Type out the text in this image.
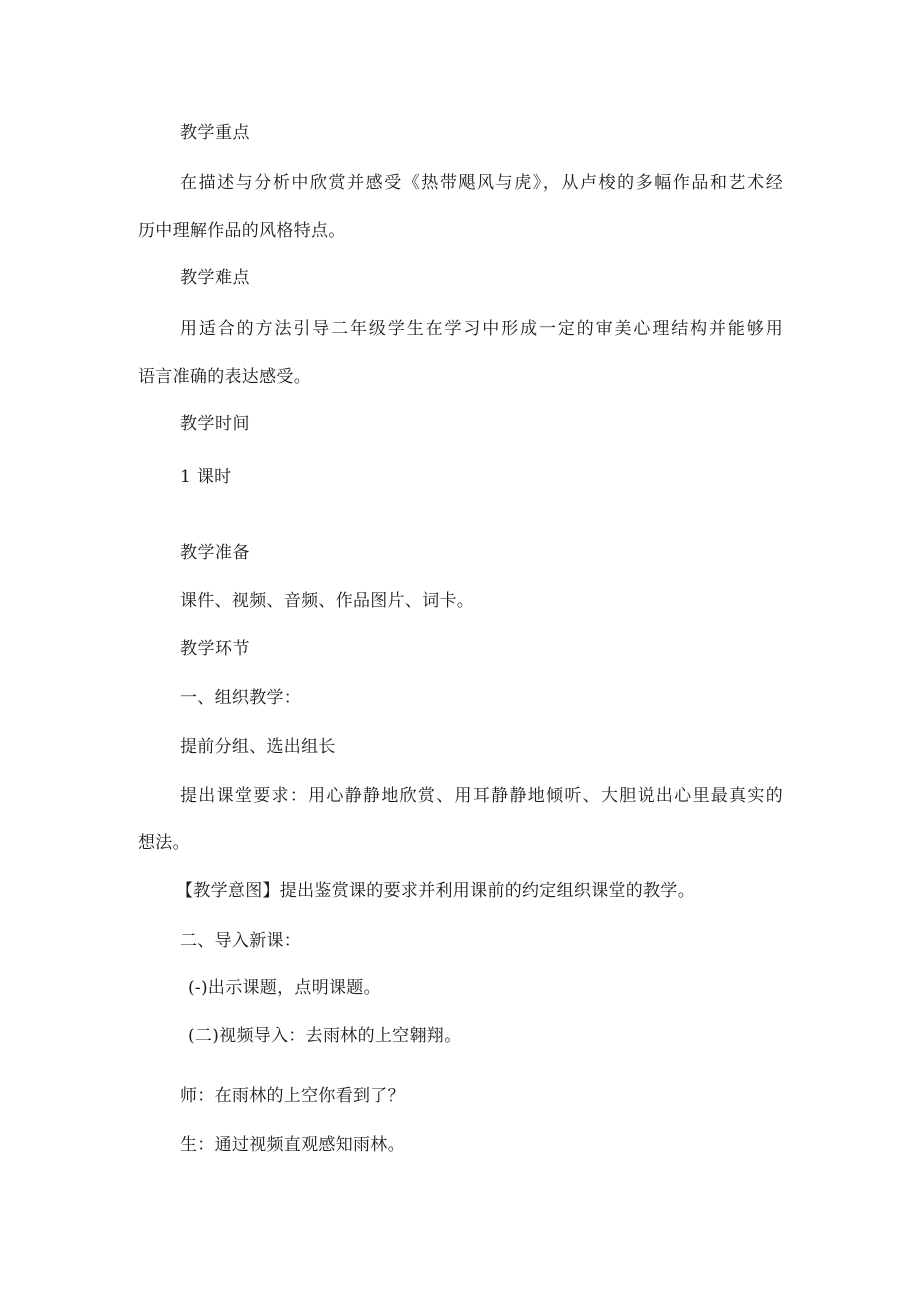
教学重点
在描述与分析中欣赏并感受《热带飓风与虎》，从卢梭的多幅作品和艺术经
历中理解作品的风格特点。
教学难点
用适合的方法引导二年级学生在学习中形成一定的审美心理结构并能够用
语言准确的表达感受。
教学时间
1 课时
教学准备
课件、视频、音频、作品图片、词卡。
教学环节
一、组织教学：
提前分组、选出组长
提出课堂要求：用心静静地欣赏、用耳静静地倾听、大胆说出心里最真实的
想法。
【教学意图】提出鉴赏课的要求并利用课前的约定组织课堂的教学。
二、导入新课：
(-)出示课题，点明课题。
(二)视频导入：去雨林的上空翱翔。
师：在雨林的上空你看到了？
生：通过视频直观感知雨林。
